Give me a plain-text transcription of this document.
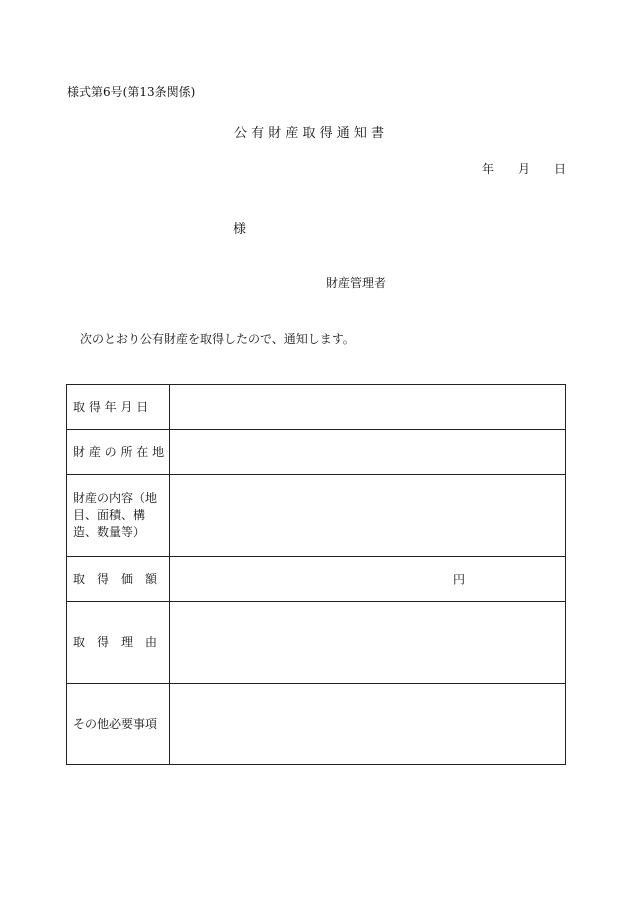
様式第6号(第13条関係)
公 有 財 産 取 得 通 知 書
年 月 日
様
財産管理者
次のとおり公有財産を取得したので、通知します。
取 得 年 月 日	
財 産 の 所 在 地	
財産の内容（地目、面積、構造、数量等）	
取　得　価　額	円

取　得　理　由	
その他必要事項	
